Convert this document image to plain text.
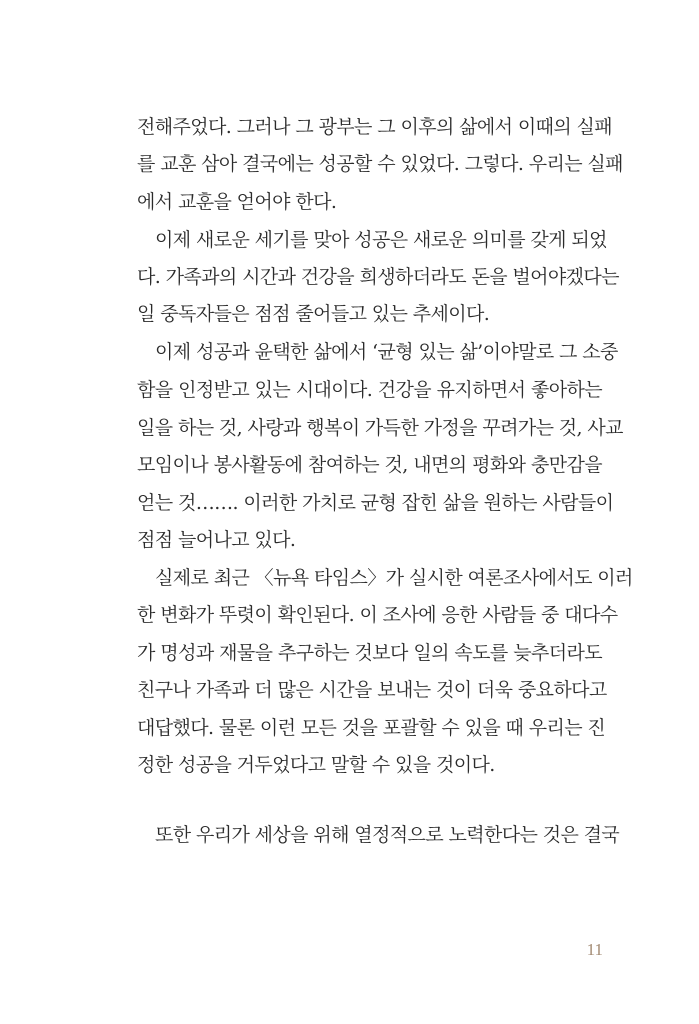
전해주었다. 그러나 그 광부는 그 이후의 삶에서 이때의 실패
를 교훈 삼아 결국에는 성공할 수 있었다. 그렇다. 우리는 실패
에서 교훈을 얻어야 한다.
이제 새로운 세기를 맞아 성공은 새로운 의미를 갖게 되었
다. 가족과의 시간과 건강을 희생하더라도 돈을 벌어야겠다는
일 중독자들은 점점 줄어들고 있는 추세이다.
이제 성공과 윤택한 삶에서 ‘균형 있는 삶’이야말로 그 소중
함을 인정받고 있는 시대이다. 건강을 유지하면서 좋아하는
일을 하는 것, 사랑과 행복이 가득한 가정을 꾸려가는 것, 사교
모임이나 봉사활동에 참여하는 것, 내면의 평화와 충만감을
얻는 것……. 이러한 가치로 균형 잡힌 삶을 원하는 사람들이
점점 늘어나고 있다.
실제로 최근 〈뉴욕 타임스〉가 실시한 여론조사에서도 이러
한 변화가 뚜렷이 확인된다. 이 조사에 응한 사람들 중 대다수
가 명성과 재물을 추구하는 것보다 일의 속도를 늦추더라도
친구나 가족과 더 많은 시간을 보내는 것이 더욱 중요하다고
대답했다. 물론 이런 모든 것을 포괄할 수 있을 때 우리는 진
정한 성공을 거두었다고 말할 수 있을 것이다.
또한 우리가 세상을 위해 열정적으로 노력한다는 것은 결국
11
